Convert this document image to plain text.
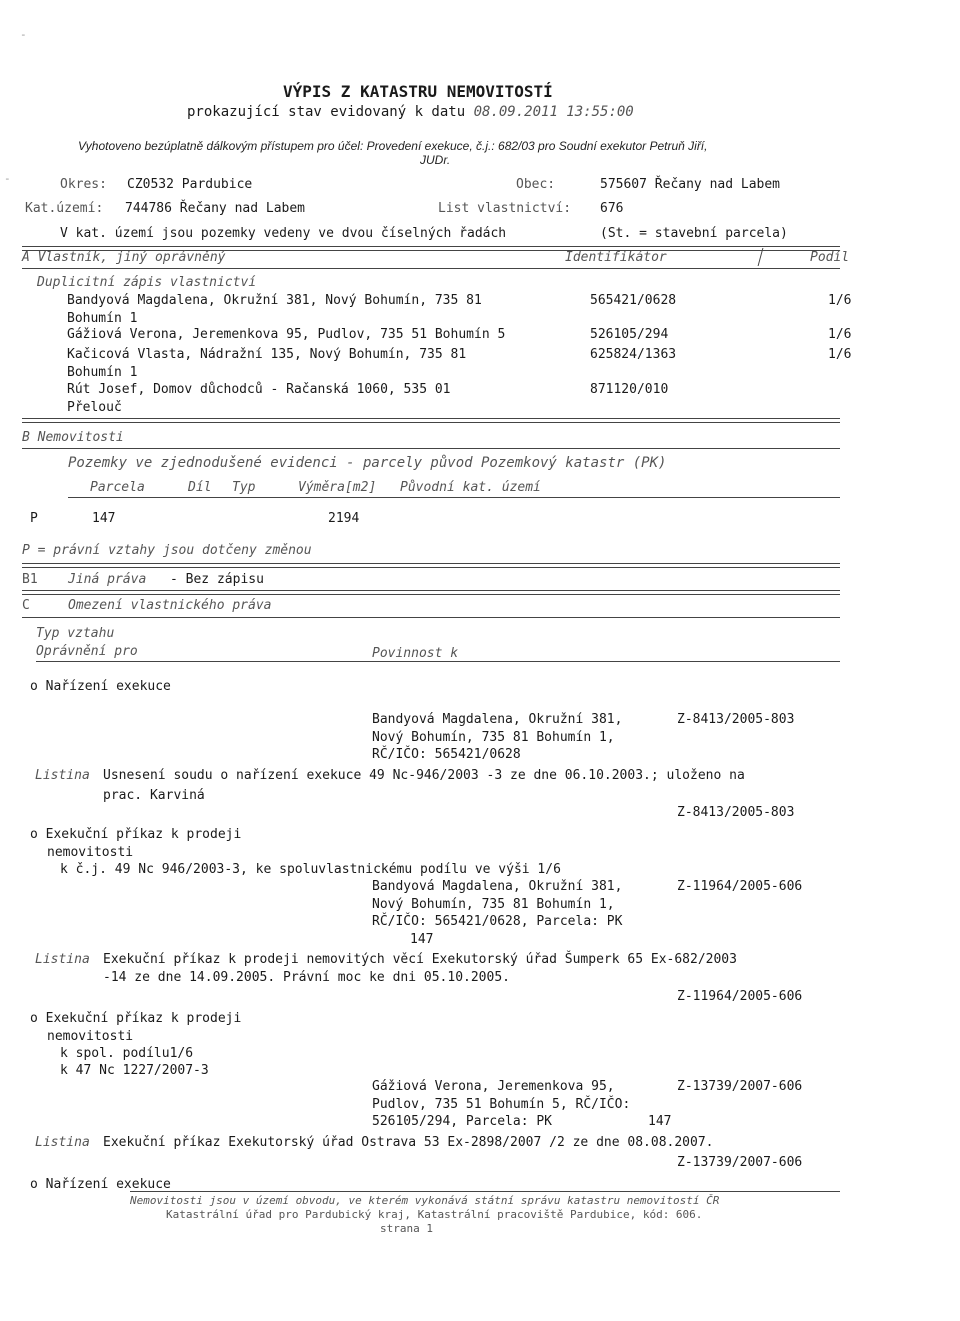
-
-
VÝPIS Z KATASTRU NEMOVITOSTÍ
prokazující stav evidovaný k datu 08.09.2011 13:55:00
Vyhotoveno bezúplatně dálkovým přístupem pro účel: Provedení exekuce, č.j.: 682/03 pro Soudní exekutor Petruň Jiří,
JUDr.
Okres: CZ0532 Pardubice	Obec:	575607 Řečany nad Labem
Kat.území: 744786 Řečany nad Labem	List vlastnictví: 676
V kat. území jsou pozemky vedeny ve dvou číselných řadách	(St. = stavební parcela)
A Vlastník, jiný oprávněný	Identifikátor	Podíl
Duplicitní zápis vlastnictví
Bandyová Magdalena, Okružní 381, Nový Bohumín, 735 81
Bohumín 1
565421/0628	1/6
Gážiová Verona, Jeremenkova 95, Pudlov, 735 51 Bohumín 5	526105/294	1/6
Kačicová Vlasta, Nádražní 135, Nový Bohumín, 735 81
Bohumín 1
625824/1363	1/6
Rút Josef, Domov důchodců - Račanská 1060, 535 01
Přelouč
871120/010
B Nemovitosti
Pozemky ve zjednodušené evidenci - parcely původ Pozemkový katastr (PK)
Parcela	Díl Typ	Výměra[m2] Původní kat. území
P	147	2194
P = právní vztahy jsou dotčeny změnou
B1 Jiná práva - Bez zápisu
C	Omezení vlastnického práva
Typ vztahu
Oprávnění pro	Povinnost k
o Nařízení exekuce
Bandyová Magdalena, Okružní 381,
Nový Bohumín, 735 81 Bohumín 1,
RČ/IČO: 565421/0628
Z-8413/2005-803
Listina Usnesení soudu o nařízení exekuce 49 Nc-946/2003 -3 ze dne 06.10.2003.; uloženo na
prac. Karviná
Z-8413/2005-803
o Exekuční příkaz k prodeji
nemovitosti
k č.j. 49 Nc 946/2003-3, ke spoluvlastnickému podílu ve výši 1/6
Bandyová Magdalena, Okružní 381,
Nový Bohumín, 735 81 Bohumín 1,
RČ/IČO: 565421/0628, Parcela: PK
147
Z-11964/2005-606
Listina Exekuční příkaz k prodeji nemovitých věcí Exekutorský úřad Šumperk 65 Ex-682/2003
-14 ze dne 14.09.2005. Právní moc ke dni 05.10.2005.
Z-11964/2005-606
o Exekuční příkaz k prodeji
nemovitosti
k spol. podílu1/6
k 47 Nc 1227/2007-3
Gážiová Verona, Jeremenkova 95,
Pudlov, 735 51 Bohumín 5, RČ/IČO:
526105/294, Parcela: PK	147
Z-13739/2007-606
Listina Exekuční příkaz Exekutorský úřad Ostrava 53 Ex-2898/2007 /2 ze dne 08.08.2007.
Z-13739/2007-606
o Nařízení exekuce
Nemovitosti jsou v území obvodu, ve kterém vykonává státní správu katastru nemovitostí ČR
Katastrální úřad pro Pardubický kraj, Katastrální pracoviště Pardubice, kód: 606.
strana 1
